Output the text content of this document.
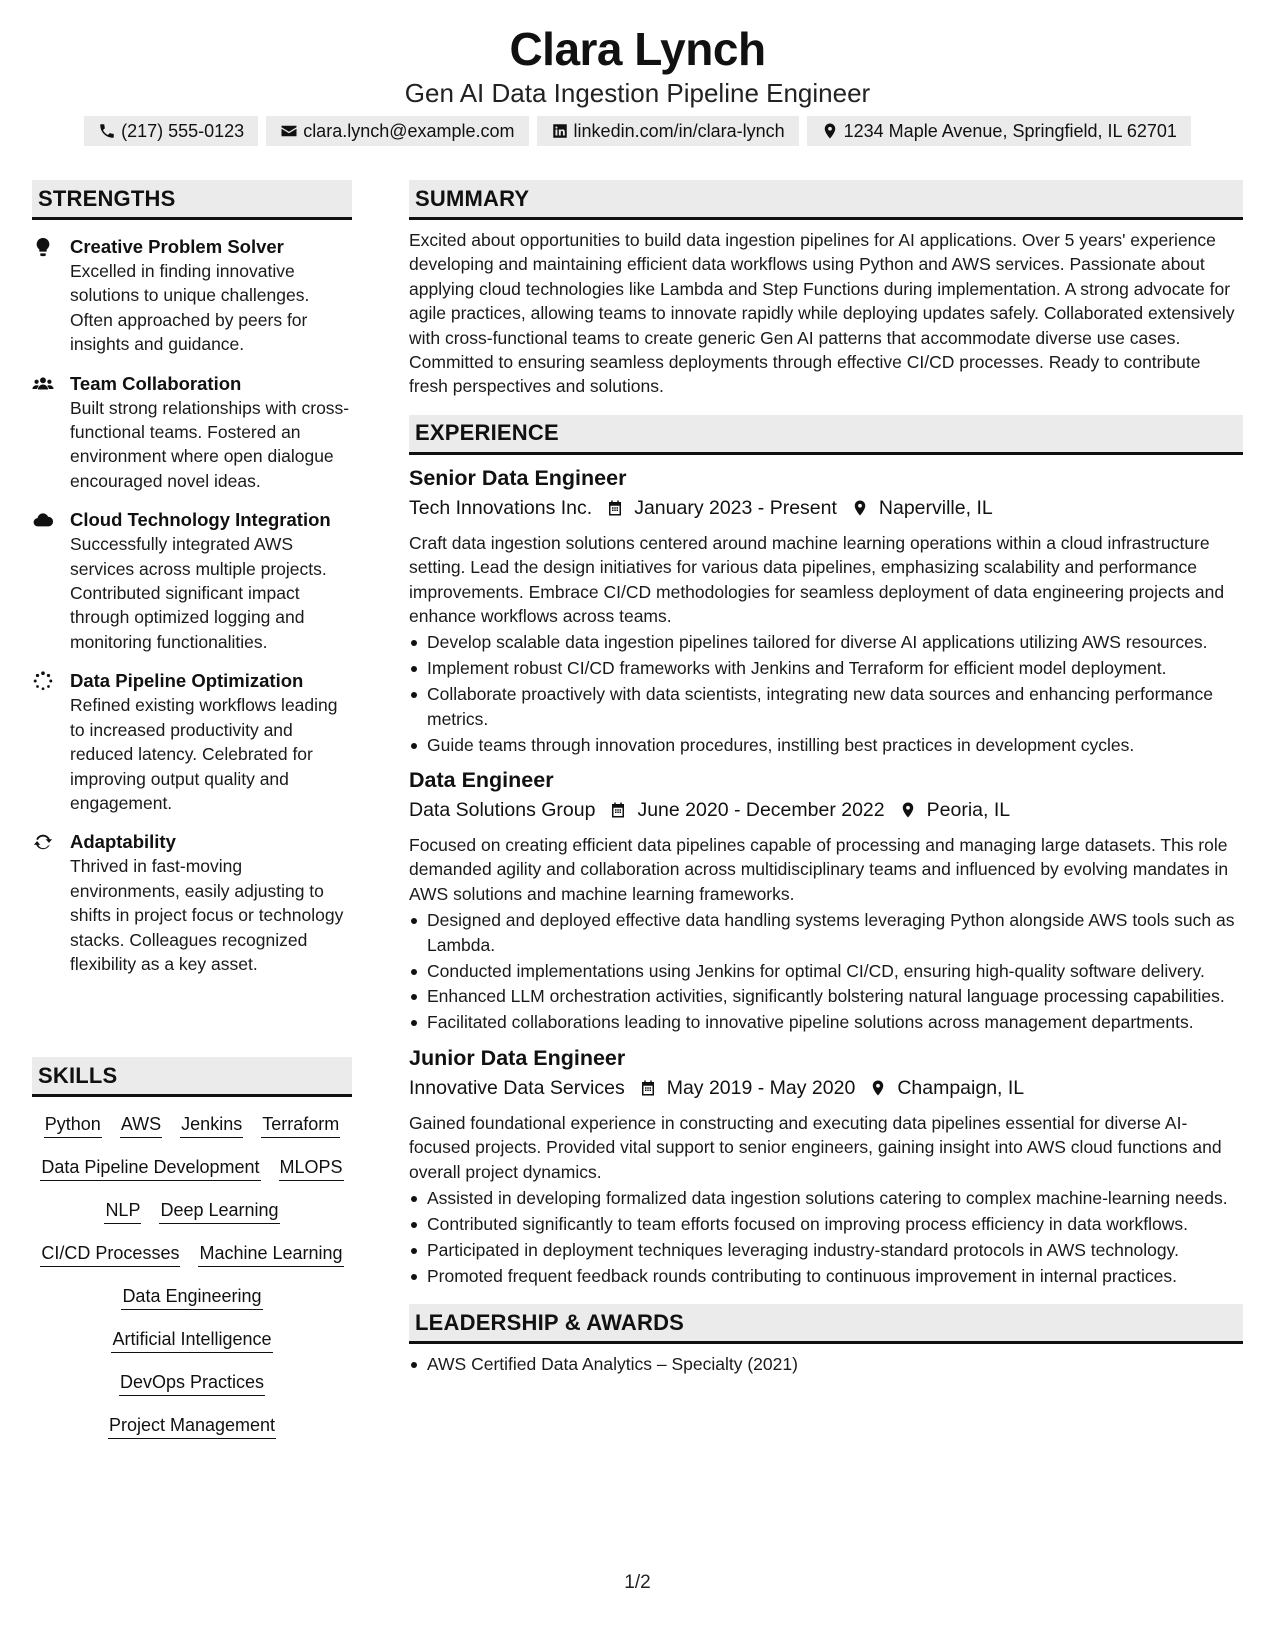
Clara Lynch
Gen AI Data Ingestion Pipeline Engineer
(217) 555-0123	clara.lynch@example.com	linkedin.com/in/clara-lynch	1234 Maple Avenue, Springfield, IL 62701
STRENGTHS
Creative Problem Solver
Excelled in finding innovative solutions to unique challenges. Often approached by peers for insights and guidance.
Team Collaboration
Built strong relationships with cross-functional teams. Fostered an environment where open dialogue encouraged novel ideas.
Cloud Technology Integration
Successfully integrated AWS services across multiple projects. Contributed significant impact through optimized logging and monitoring functionalities.
Data Pipeline Optimization
Refined existing workflows leading to increased productivity and reduced latency. Celebrated for improving output quality and engagement.
Adaptability
Thrived in fast-moving environments, easily adjusting to shifts in project focus or technology stacks. Colleagues recognized flexibility as a key asset.
SKILLS
Python AWS Jenkins Terraform
Data Pipeline Development MLOPS
NLP Deep Learning
CI/CD Processes Machine Learning
Data Engineering
Artificial Intelligence
DevOps Practices
Project Management
SUMMARY
Excited about opportunities to build data ingestion pipelines for AI applications. Over 5 years' experience developing and maintaining efficient data workflows using Python and AWS services. Passionate about applying cloud technologies like Lambda and Step Functions during implementation. A strong advocate for agile practices, allowing teams to innovate rapidly while deploying updates safely. Collaborated extensively with cross-functional teams to create generic Gen AI patterns that accommodate diverse use cases. Committed to ensuring seamless deployments through effective CI/CD processes. Ready to contribute fresh perspectives and solutions.
EXPERIENCE
Senior Data Engineer
Tech Innovations Inc. January 2023 - Present Naperville, IL
Craft data ingestion solutions centered around machine learning operations within a cloud infrastructure setting. Lead the design initiatives for various data pipelines, emphasizing scalability and performance improvements. Embrace CI/CD methodologies for seamless deployment of data engineering projects and enhance workflows across teams.
Develop scalable data ingestion pipelines tailored for diverse AI applications utilizing AWS resources.
Implement robust CI/CD frameworks with Jenkins and Terraform for efficient model deployment.
Collaborate proactively with data scientists, integrating new data sources and enhancing performance metrics.
Guide teams through innovation procedures, instilling best practices in development cycles.
Data Engineer
Data Solutions Group June 2020 - December 2022 Peoria, IL
Focused on creating efficient data pipelines capable of processing and managing large datasets. This role demanded agility and collaboration across multidisciplinary teams and influenced by evolving mandates in AWS solutions and machine learning frameworks.
Designed and deployed effective data handling systems leveraging Python alongside AWS tools such as Lambda.
Conducted implementations using Jenkins for optimal CI/CD, ensuring high-quality software delivery.
Enhanced LLM orchestration activities, significantly bolstering natural language processing capabilities.
Facilitated collaborations leading to innovative pipeline solutions across management departments.
Junior Data Engineer
Innovative Data Services May 2019 - May 2020 Champaign, IL
Gained foundational experience in constructing and executing data pipelines essential for diverse AI-focused projects. Provided vital support to senior engineers, gaining insight into AWS cloud functions and overall project dynamics.
Assisted in developing formalized data ingestion solutions catering to complex machine-learning needs.
Contributed significantly to team efforts focused on improving process efficiency in data workflows.
Participated in deployment techniques leveraging industry-standard protocols in AWS technology.
Promoted frequent feedback rounds contributing to continuous improvement in internal practices.
LEADERSHIP & AWARDS
AWS Certified Data Analytics – Specialty (2021)
1/2
